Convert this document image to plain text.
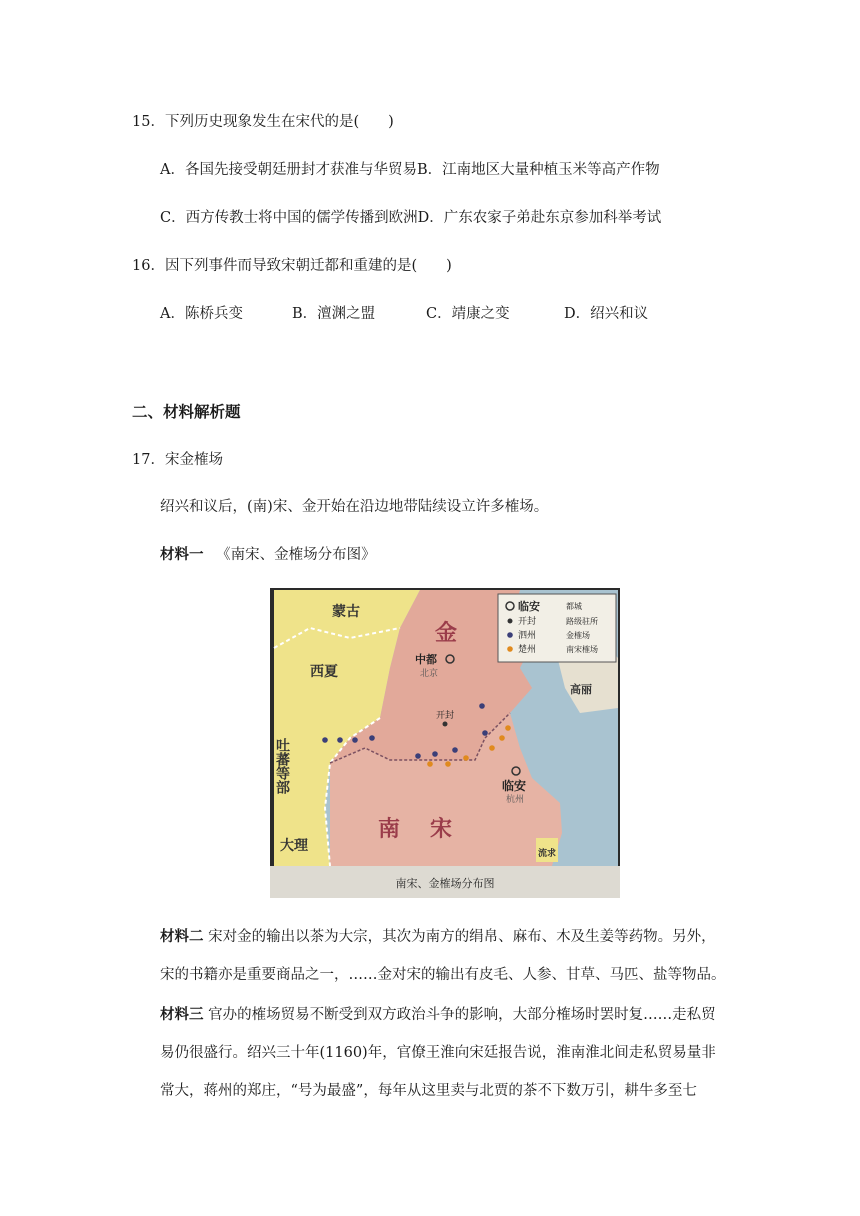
15．下列历史现象发生在宋代的是(　　)
A．各国先接受朝廷册封才获准与华贸易B．江南地区大量种植玉米等高产作物
C．西方传教士将中国的儒学传播到欧洲D．广东农家子弟赴东京参加科举考试
16．因下列事件而导致宋朝迁都和重建的是(　　)
A．陈桥兵变	B．澶渊之盟	C．靖康之变	D．绍兴和议
二、材料解析题
17．宋金榷场
绍兴和议后，(南)宋、金开始在沿边地带陆续设立许多榷场。
材料一 《南宋、金榷场分布图》
南宋、金榷场分布图
蒙古
西夏
吐蕃等部
大理
金
南宋
高丽
流求
中都
北京
开封
临安
杭州
临安	都城
开封	路级驻所
泗州	金榷场
楚州	南宋榷场
材料二 宋对金的输出以茶为大宗，其次为南方的绢帛、麻布、木及生姜等药物。另外，宋的书籍亦是重要商品之一，……金对宋的输出有皮毛、人参、甘草、马匹、盐等物品。
材料三 官办的榷场贸易不断受到双方政治斗争的影响，大部分榷场时罢时复……走私贸易仍很盛行。绍兴三十年(1160)年，官僚王淮向宋廷报告说，淮南淮北间走私贸易量非常大，蒋州的郑庄，“号为最盛”，每年从这里卖与北贾的茶不下数万引，耕牛多至七
